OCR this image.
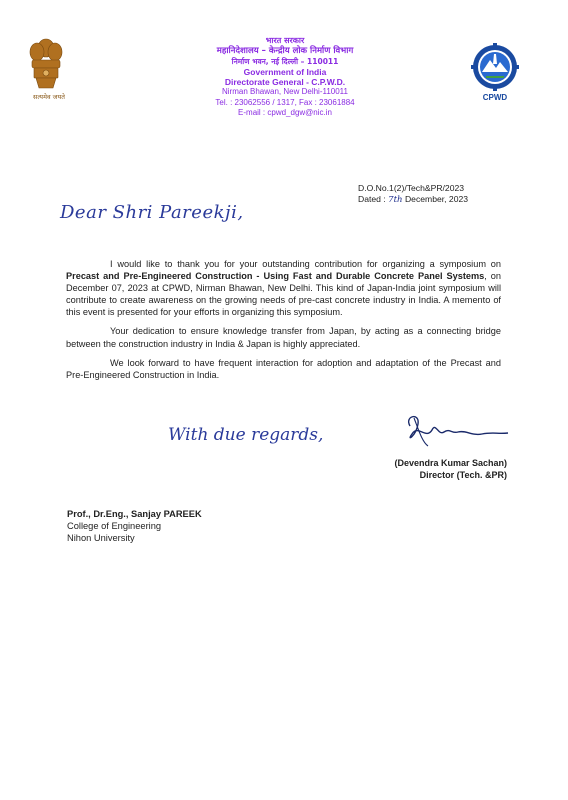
सत्यमेव जयते
भारत सरकार
महानिदेशालय – केन्द्रीय लोक निर्माण विभाग
निर्माण भवन, नई दिल्ली – 110011
Government of India
Directorate General - C.P.W.D.
Nirman Bhawan, New Delhi-110011
Tel. : 23062556 / 1317, Fax : 23061884
E-mail : cpwd_dgw@nic.in
CPWD
D.O.No.1(2)/Tech&PR/2023
Dated : 7th December, 2023
Dear Shri Pareekji,

I would like to thank you for your outstanding contribution for organizing a symposium on Precast and Pre-Engineered Construction - Using Fast and Durable Concrete Panel Systems, on December 07, 2023 at CPWD, Nirman Bhawan, New Delhi. This kind of Japan-India joint symposium will contribute to create awareness on the growing needs of pre-cast concrete industry in India. A memento of this event is presented for your efforts in organizing this symposium.

Your dedication to ensure knowledge transfer from Japan, by acting as a connecting bridge between the construction industry in India & Japan is highly appreciated.

We look forward to have frequent interaction for adoption and adaptation of the Precast and Pre-Engineered Construction in India.

With due regards,
(Devendra Kumar Sachan)
Director (Tech. &PR)
Prof., Dr.Eng., Sanjay PAREEK
College of Engineering
Nihon University
